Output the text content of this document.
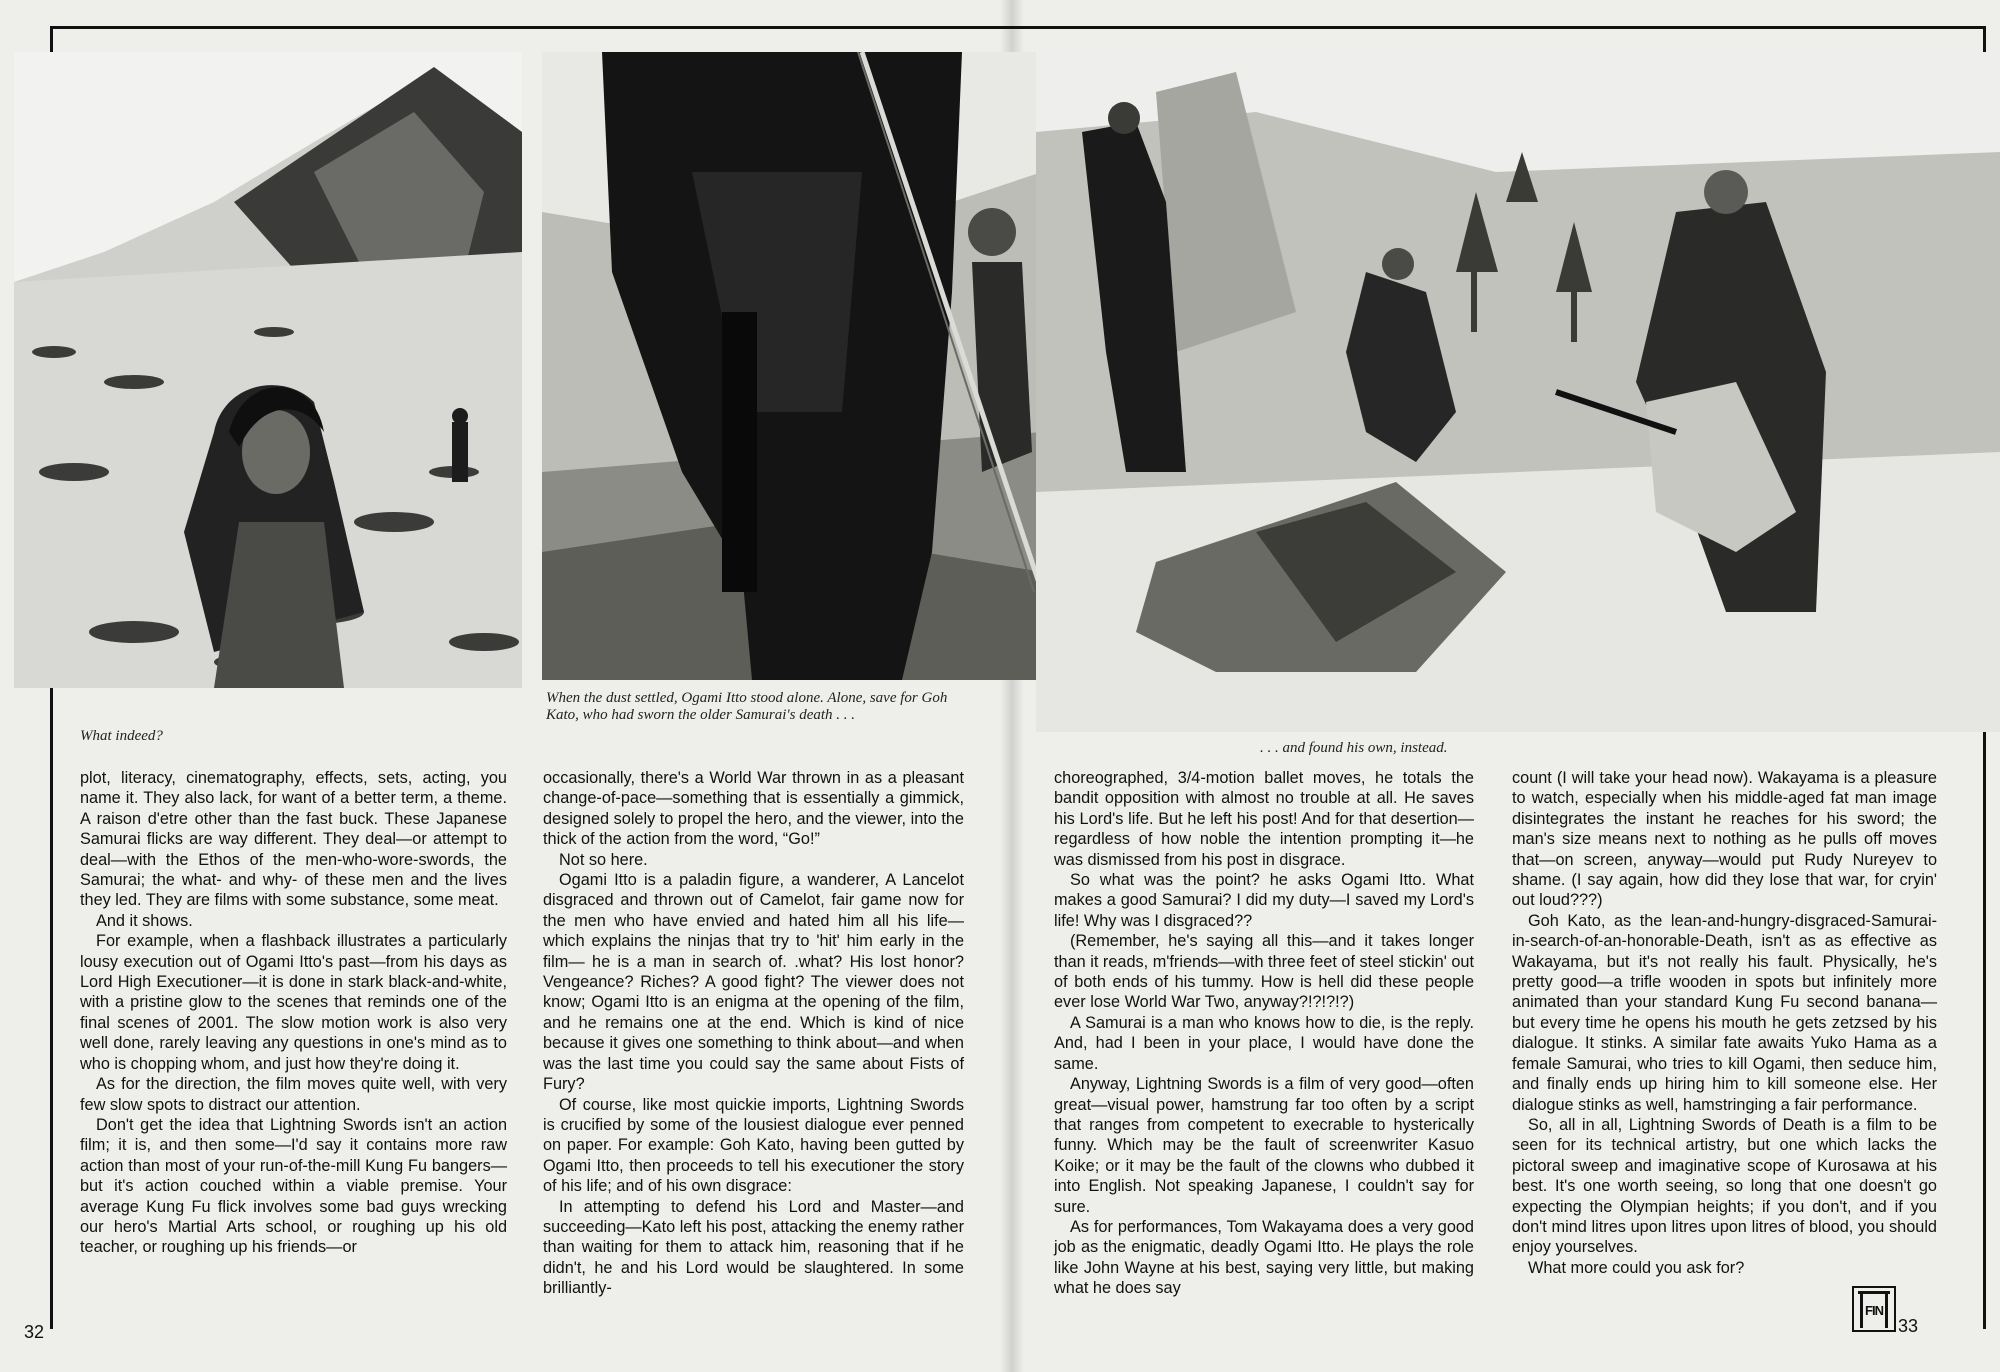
What indeed?

When the dust settled, Ogami Itto stood alone. Alone, save for Goh Kato, who had sworn the older Samurai's death . . .

. . . and found his own, instead.

plot, literacy, cinematography, effects, sets, acting, you name it. They also lack, for want of a better term, a theme. A raison d'etre other than the fast buck. These Japanese Samurai flicks are way different. They deal—or attempt to deal—with the Ethos of the men-who-wore-swords, the Samurai; the what- and why- of these men and the lives they led. They are films with some substance, some meat.

And it shows.

For example, when a flashback illustrates a particularly lousy execution out of Ogami Itto's past—from his days as Lord High Executioner—it is done in stark black-and-white, with a pristine glow to the scenes that reminds one of the final scenes of 2001. The slow motion work is also very well done, rarely leaving any questions in one's mind as to who is chopping whom, and just how they're doing it.

As for the direction, the film moves quite well, with very few slow spots to distract our attention.

Don't get the idea that Lightning Swords isn't an action film; it is, and then some—I'd say it contains more raw action than most of your run-of-the-mill Kung Fu bangers—but it's action couched within a viable premise. Your average Kung Fu flick involves some bad guys wrecking our hero's Martial Arts school, or roughing up his old teacher, or roughing up his friends—or

occasionally, there's a World War thrown in as a pleasant change-of-pace—something that is essentially a gimmick, designed solely to propel the hero, and the viewer, into the thick of the action from the word, “Go!”

Not so here.

Ogami Itto is a paladin figure, a wanderer, A Lancelot disgraced and thrown out of Camelot, fair game now for the men who have envied and hated him all his life—which explains the ninjas that try to 'hit' him early in the film— he is a man in search of. .what? His lost honor? Vengeance? Riches? A good fight? The viewer does not know; Ogami Itto is an enigma at the opening of the film, and he remains one at the end. Which is kind of nice because it gives one something to think about—and when was the last time you could say the same about Fists of Fury?

Of course, like most quickie imports, Lightning Swords is crucified by some of the lousiest dialogue ever penned on paper. For example: Goh Kato, having been gutted by Ogami Itto, then proceeds to tell his executioner the story of his life; and of his own disgrace:

In attempting to defend his Lord and Master—and succeeding—Kato left his post, attacking the enemy rather than waiting for them to attack him, reasoning that if he didn't, he and his Lord would be slaughtered. In some brilliantly-

choreographed, 3/4-motion ballet moves, he totals the bandit opposition with almost no trouble at all. He saves his Lord's life. But he left his post! And for that desertion—regardless of how noble the intention prompting it—he was dismissed from his post in disgrace.

So what was the point? he asks Ogami Itto. What makes a good Samurai? I did my duty—I saved my Lord's life! Why was I disgraced??

(Remember, he's saying all this—and it takes longer than it reads, m'friends—with three feet of steel stickin' out of both ends of his tummy. How is hell did these people ever lose World War Two, anyway?!?!?!?)

A Samurai is a man who knows how to die, is the reply. And, had I been in your place, I would have done the same.

Anyway, Lightning Swords is a film of very good—often great—visual power, hamstrung far too often by a script that ranges from competent to execrable to hysterically funny. Which may be the fault of screenwriter Kasuo Koike; or it may be the fault of the clowns who dubbed it into English. Not speaking Japanese, I couldn't say for sure.

As for performances, Tom Wakayama does a very good job as the enigmatic, deadly Ogami Itto. He plays the role like John Wayne at his best, saying very little, but making what he does say

count (I will take your head now). Wakayama is a pleasure to watch, especially when his middle-aged fat man image disintegrates the instant he reaches for his sword; the man's size means next to nothing as he pulls off moves that—on screen, anyway—would put Rudy Nureyev to shame. (I say again, how did they lose that war, for cryin' out loud???)

Goh Kato, as the lean-and-hungry-disgraced-Samurai-in-search-of-an-honorable-Death, isn't as as effective as Wakayama, but it's not really his fault. Physically, he's pretty good—a trifle wooden in spots but infinitely more animated than your standard Kung Fu second banana—but every time he opens his mouth he gets zetzsed by his dialogue. It stinks. A similar fate awaits Yuko Hama as a female Samurai, who tries to kill Ogami, then seduce him, and finally ends up hiring him to kill someone else. Her dialogue stinks as well, hamstringing a fair performance.

So, all in all, Lightning Swords of Death is a film to be seen for its technical artistry, but one which lacks the pictoral sweep and imaginative scope of Kurosawa at his best. It's one worth seeing, so long that one doesn't go expecting the Olympian heights; if you don't, and if you don't mind litres upon litres upon litres of blood, you should enjoy yourselves.

What more could you ask for?

32
FIN
33
